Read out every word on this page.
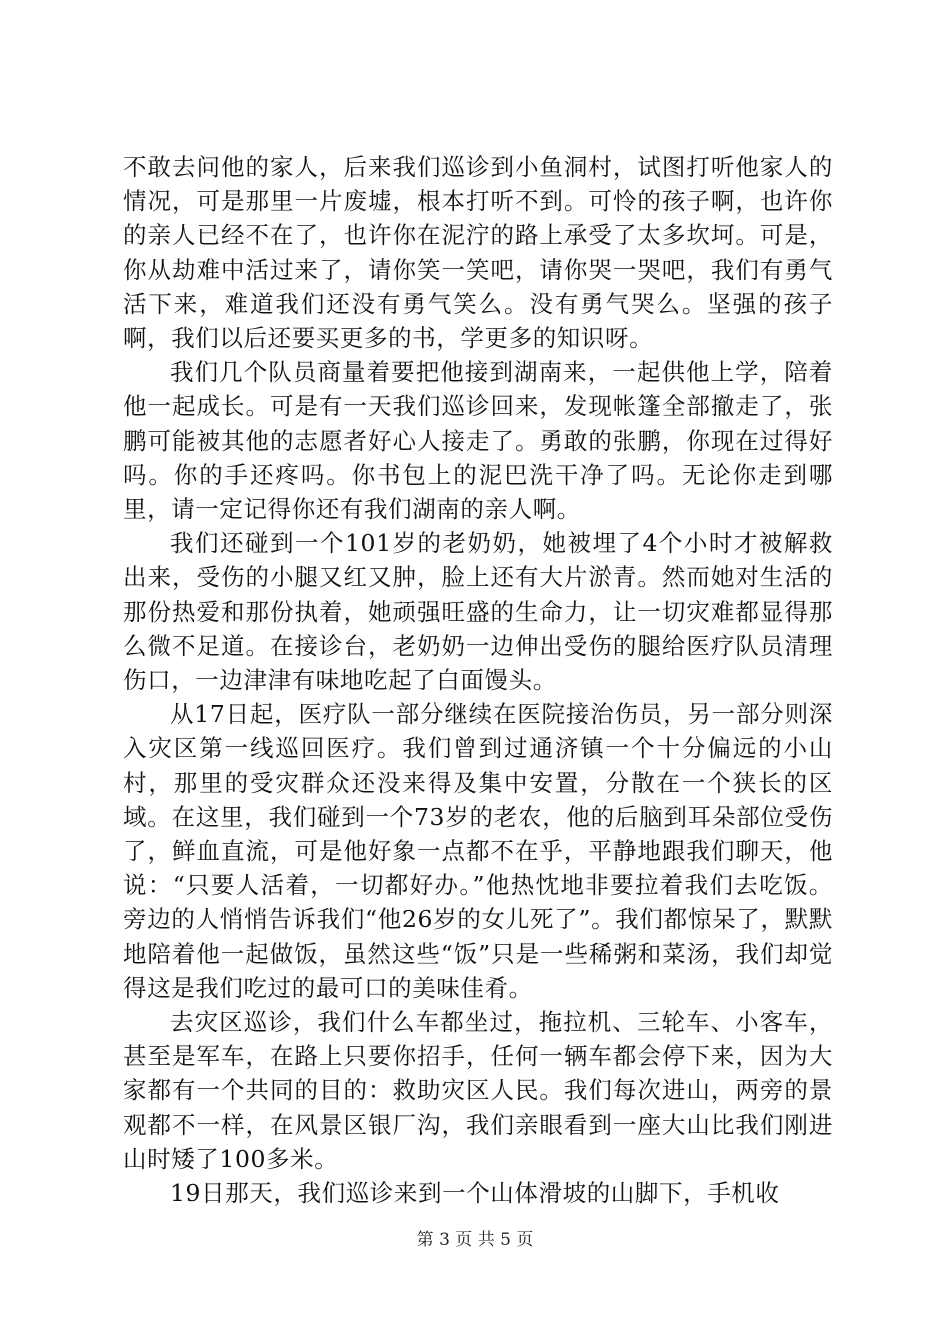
不敢去问他的家人，后来我们巡诊到小鱼洞村，试图打听他家人的情况，可是那里一片废墟，根本打听不到。可怜的孩子啊，也许你的亲人已经不在了，也许你在泥泞的路上承受了太多坎坷。可是，你从劫难中活过来了，请你笑一笑吧，请你哭一哭吧，我们有勇气活下来，难道我们还没有勇气笑么。没有勇气哭么。坚强的孩子啊，我们以后还要买更多的书，学更多的知识呀。

我们几个队员商量着要把他接到湖南来，一起供他上学，陪着他一起成长。可是有一天我们巡诊回来，发现帐篷全部撤走了，张鹏可能被其他的志愿者好心人接走了。勇敢的张鹏，你现在过得好吗。你的手还疼吗。你书包上的泥巴洗干净了吗。无论你走到哪里，请一定记得你还有我们湖南的亲人啊。

我们还碰到一个101岁的老奶奶，她被埋了4个小时才被解救出来，受伤的小腿又红又肿，脸上还有大片淤青。然而她对生活的那份热爱和那份执着，她顽强旺盛的生命力，让一切灾难都显得那么微不足道。在接诊台，老奶奶一边伸出受伤的腿给医疗队员清理伤口，一边津津有味地吃起了白面馒头。

从17日起，医疗队一部分继续在医院接治伤员，另一部分则深入灾区第一线巡回医疗。我们曾到过通济镇一个十分偏远的小山村，那里的受灾群众还没来得及集中安置，分散在一个狭长的区域。在这里，我们碰到一个73岁的老农，他的后脑到耳朵部位受伤了，鲜血直流，可是他好象一点都不在乎，平静地跟我们聊天，他说：“只要人活着，一切都好办。”他热忱地非要拉着我们去吃饭。旁边的人悄悄告诉我们“他26岁的女儿死了”。我们都惊呆了，默默地陪着他一起做饭，虽然这些“饭”只是一些稀粥和菜汤，我们却觉得这是我们吃过的最可口的美味佳肴。

去灾区巡诊，我们什么车都坐过，拖拉机、三轮车、小客车，甚至是军车，在路上只要你招手，任何一辆车都会停下来，因为大家都有一个共同的目的：救助灾区人民。我们每次进山，两旁的景观都不一样，在风景区银厂沟，我们亲眼看到一座大山比我们刚进山时矮了100多米。

19日那天，我们巡诊来到一个山体滑坡的山脚下，手机收

第 3 页 共 5 页
